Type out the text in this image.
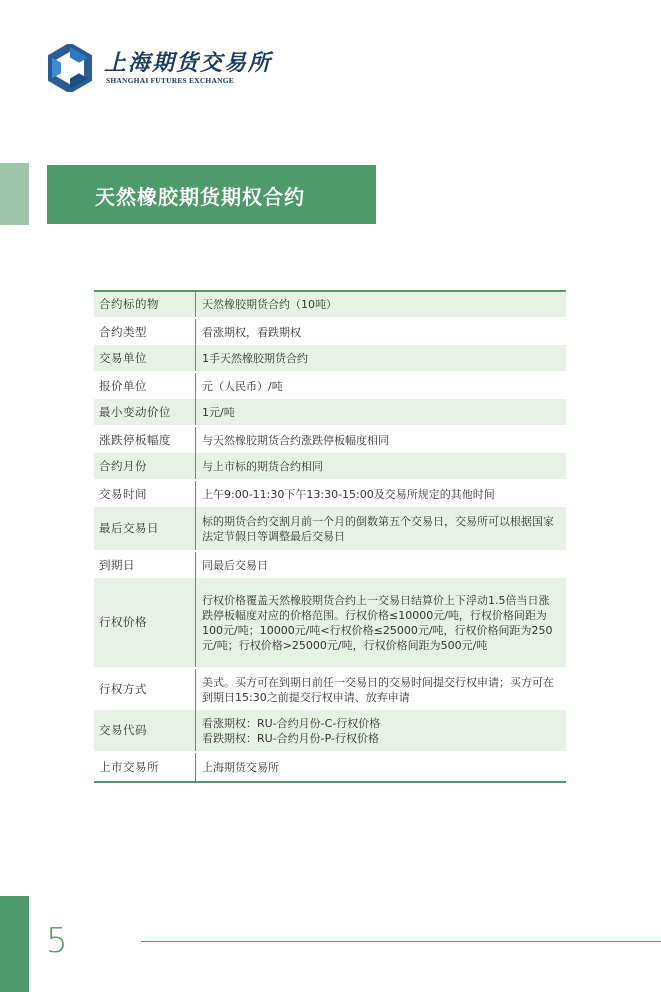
上海期货交易所
SHANGHAI FUTURES EXCHANGE
天然橡胶期货期权合约
合约标的物	天然橡胶期货合约（10吨）
合约类型	看涨期权，看跌期权
交易单位	1手天然橡胶期货合约
报价单位	元（人民币）/吨
最小变动价位	1元/吨
涨跌停板幅度	与天然橡胶期货合约涨跌停板幅度相同
合约月份	与上市标的期货合约相同
交易时间	上午9:00-11:30下午13:30-15:00及交易所规定的其他时间
最后交易日	标的期货合约交割月前一个月的倒数第五个交易日，交易所可以根据国家法定节假日等调整最后交易日
到期日	同最后交易日
行权价格	行权价格覆盖天然橡胶期货合约上一交易日结算价上下浮动1.5倍当日涨跌停板幅度对应的价格范围。行权价格≤10000元/吨，行权价格间距为100元/吨；10000元/吨<行权价格≤25000元/吨，行权价格间距为250元/吨；行权价格>25000元/吨，行权价格间距为500元/吨
行权方式	美式。买方可在到期日前任一交易日的交易时间提交行权申请；买方可在到期日15:30之前提交行权申请、放弃申请
交易代码	看涨期权：RU-合约月份-C-行权价格
看跌期权：RU-合约月份-P-行权价格

上市交易所	上海期货交易所
5
